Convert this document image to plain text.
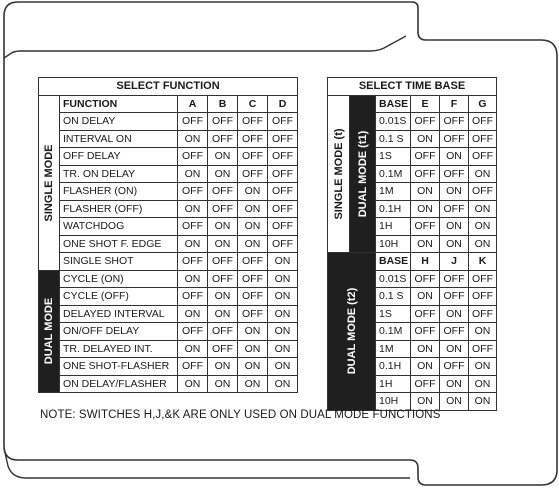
SELECT FUNCTION					

SINGLE MODE	FUNCTION	A	B	C	D
	ON DELAY	OFF	OFF	OFF	OFF
	INTERVAL ON	ON	OFF	OFF	OFF
	OFF DELAY	OFF	ON	OFF	OFF
	TR. ON DELAY	ON	ON	OFF	OFF
	FLASHER (ON)	OFF	OFF	ON	OFF
	FLASHER (OFF)	ON	OFF	ON	OFF
	WATCHDOG	OFF	ON	ON	OFF
	ONE SHOT F. EDGE	ON	ON	ON	OFF
	SINGLE SHOT	OFF	OFF	OFF	ON

DUAL MODE	CYCLE (ON)	ON	OFF	OFF	ON
	CYCLE (OFF)	OFF	ON	OFF	ON
	DELAYED INTERVAL	ON	ON	OFF	ON
	ON/OFF DELAY	OFF	OFF	ON	ON
	TR. DELAYED INT.	ON	OFF	ON	ON
	ONE SHOT-FLASHER	OFF	ON	ON	ON
	ON DELAY/FLASHER	ON	ON	ON	ON
SELECT TIME BASE					

SINGLE MODE (t)	DUAL MODE (t1)	BASE	E	F	G
		0.01S	OFF	OFF	OFF
		0.1 S	ON	OFF	OFF
		1S	OFF	ON	OFF
		0.1M	OFF	OFF	ON
		1M	ON	ON	OFF
		0.1H	ON	OFF	ON
		1H	OFF	ON	ON
		10H	ON	ON	ON

DUAL MODE (t2)		BASE	H	J	K
		0.01S	OFF	OFF	OFF
		0.1 S	ON	OFF	OFF
		1S	OFF	ON	OFF
		0.1M	OFF	OFF	ON
		1M	ON	ON	OFF
		0.1H	ON	OFF	ON
		1H	OFF	ON	ON
		10H	ON	ON	ON
NOTE: SWITCHES H,J,&K ARE ONLY USED ON DUAL MODE FUNCTIONS
